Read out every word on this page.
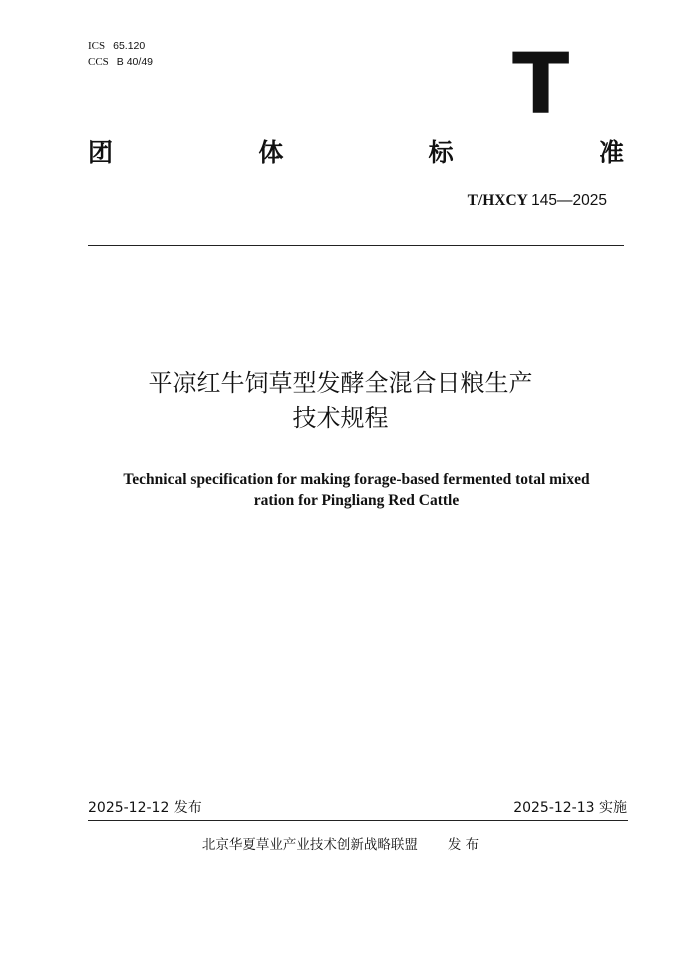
ICS 65.120
CCS B 40/49	T
团	体	标	准
T/HXCY 145—2025
平凉红牛饲草型发酵全混合日粮生产
技术规程
Technical specification for making forage-based fermented total mixed
ration for Pingliang Red Cattle
2025-12-12 发布	2025-12-13 实施
北京华夏草业产业技术创新战略联盟 发 布
